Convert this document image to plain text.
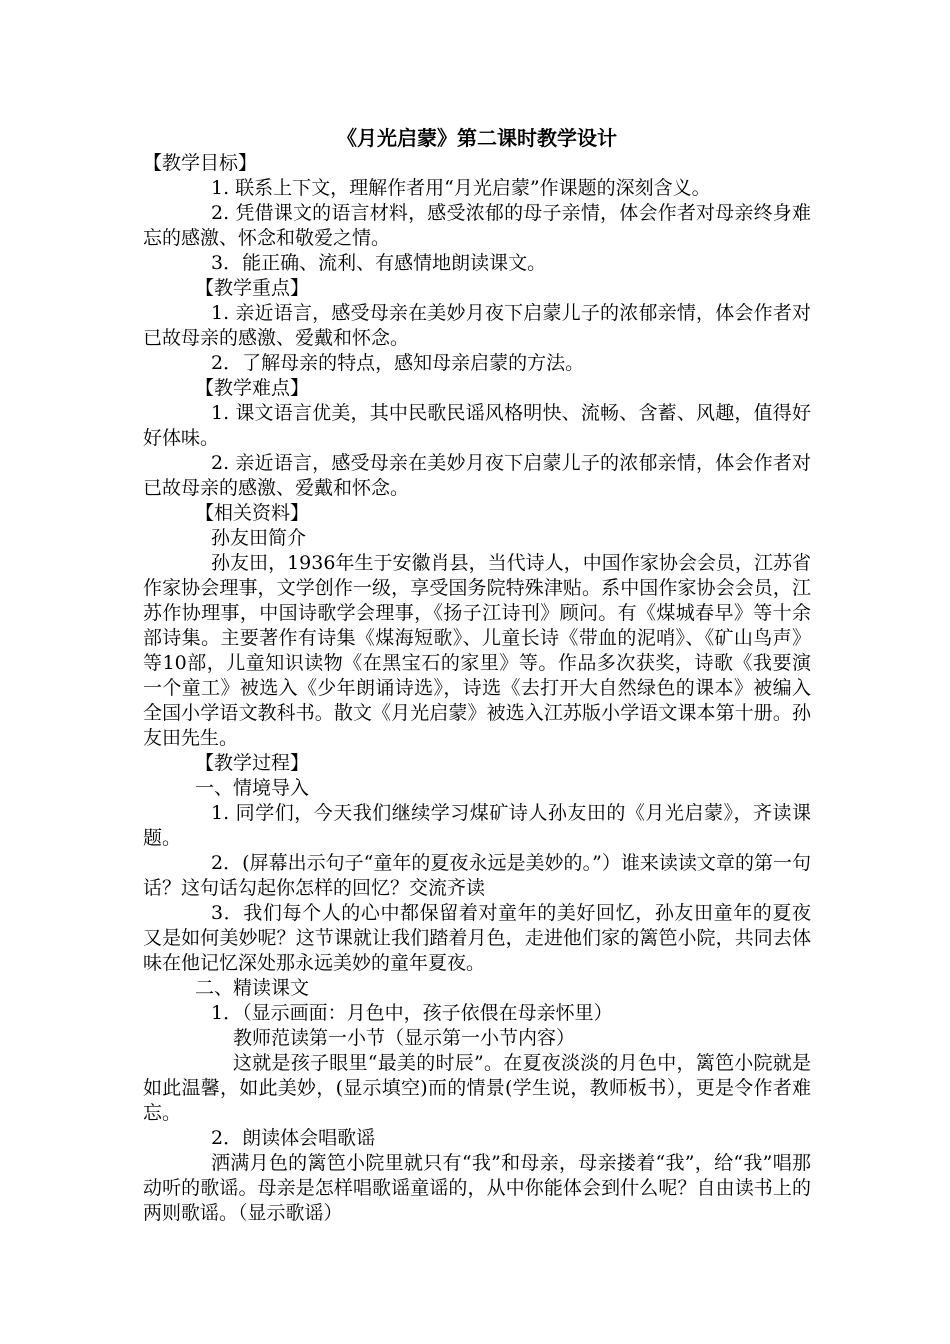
《月光启蒙》第二课时教学设计

【教学目标】

1. 联系上下文，理解作者用“月光启蒙”作课题的深刻含义。

2. 凭借课文的语言材料，感受浓郁的母子亲情，体会作者对母亲终身难忘的感激、怀念和敬爱之情。

3．能正确、流利、有感情地朗读课文。

【教学重点】

1. 亲近语言，感受母亲在美妙月夜下启蒙儿子的浓郁亲情，体会作者对已故母亲的感激、爱戴和怀念。

2．了解母亲的特点，感知母亲启蒙的方法。

【教学难点】

1. 课文语言优美，其中民歌民谣风格明快、流畅、含蓄、风趣，值得好好体味。

2. 亲近语言，感受母亲在美妙月夜下启蒙儿子的浓郁亲情，体会作者对已故母亲的感激、爱戴和怀念。

【相关资料】

孙友田简介

孙友田，1936年生于安徽肖县，当代诗人，中国作家协会会员，江苏省作家协会理事，文学创作一级，享受国务院特殊津贴。系中国作家协会会员，江苏作协理事，中国诗歌学会理事，《扬子江诗刊》顾问。有《煤城春早》等十余部诗集。主要著作有诗集《煤海短歌》、儿童长诗《带血的泥哨》、《矿山鸟声》等10部，儿童知识读物《在黑宝石的家里》等。作品多次获奖，诗歌《我要演一个童工》被选入《少年朗诵诗选》，诗选《去打开大自然绿色的课本》被编入全国小学语文教科书。散文《月光启蒙》被选入江苏版小学语文课本第十册。孙友田先生。

【教学过程】

一、情境导入

1. 同学们，今天我们继续学习煤矿诗人孙友田的《月光启蒙》，齐读课题。

2．(屏幕出示句子“童年的夏夜永远是美妙的。”）谁来读读文章的第一句话？这句话勾起你怎样的回忆？交流齐读

3．我们每个人的心中都保留着对童年的美好回忆，孙友田童年的夏夜又是如何美妙呢？这节课就让我们踏着月色，走进他们家的篱笆小院，共同去体味在他记忆深处那永远美妙的童年夏夜。

二、精读课文

1．（显示画面：月色中，孩子依偎在母亲怀里）

教师范读第一小节（显示第一小节内容）

这就是孩子眼里“最美的时辰”。在夏夜淡淡的月色中，篱笆小院就是如此温馨，如此美妙，(显示填空)而的情景(学生说，教师板书），更是令作者难忘。

2．朗读体会唱歌谣

洒满月色的篱笆小院里就只有“我”和母亲，母亲搂着“我”，给“我”唱那动听的歌谣。母亲是怎样唱歌谣童谣的，从中你能体会到什么呢？自由读书上的两则歌谣。（显示歌谣）
